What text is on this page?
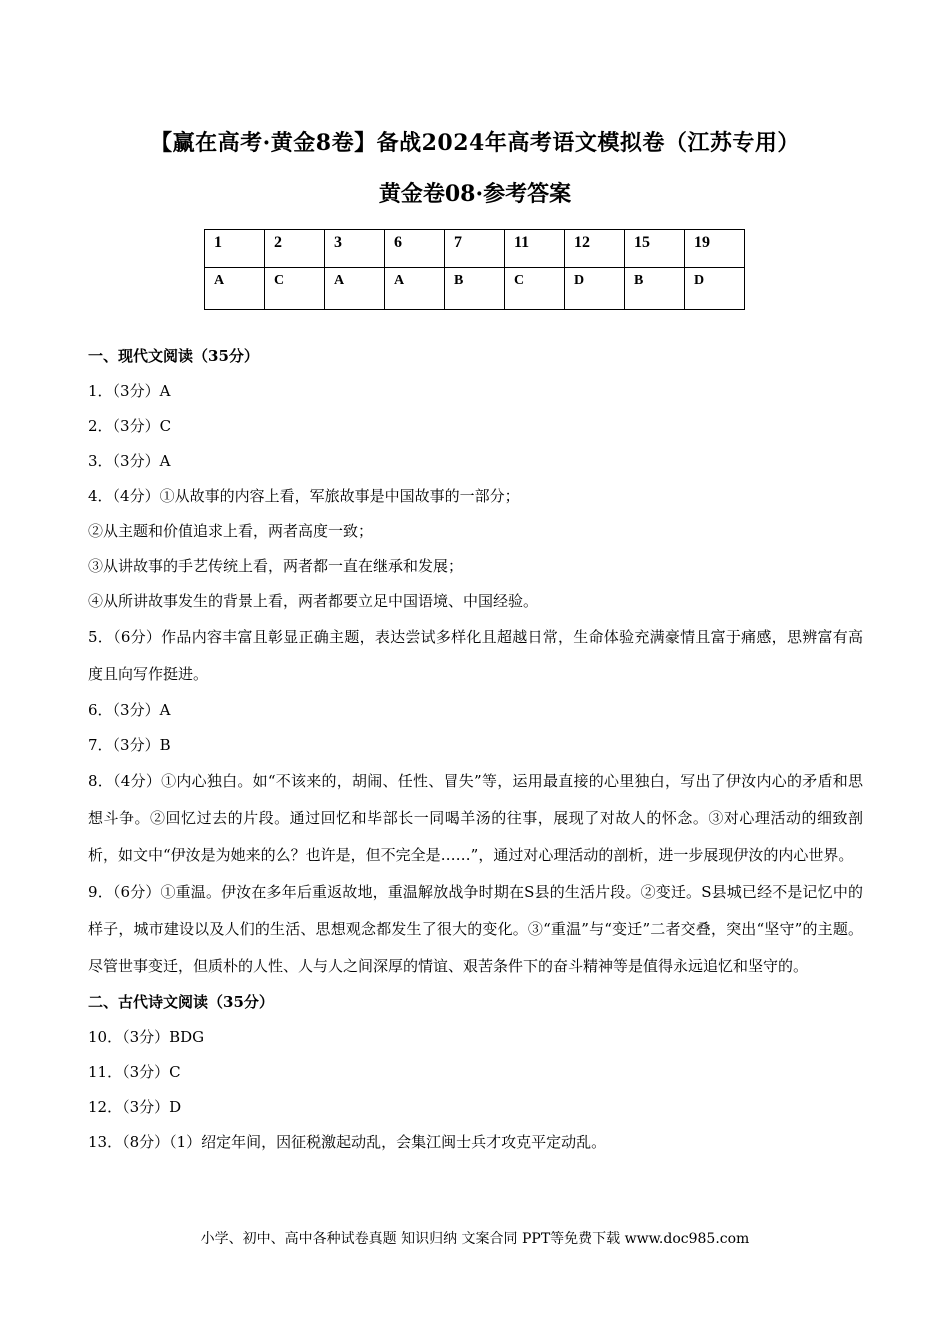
【赢在高考·黄金8卷】备战2024年高考语文模拟卷（江苏专用）
黄金卷08·参考答案
1	2	3	6	7	11	12	15	19
A	C	A	A	B	C	D	B	D
一、现代文阅读（35分）
1．（3分）A
2．（3分）C
3．（3分）A
4．（4分）①从故事的内容上看，军旅故事是中国故事的一部分；
②从主题和价值追求上看，两者高度一致；
③从讲故事的手艺传统上看，两者都一直在继承和发展；
④从所讲故事发生的背景上看，两者都要立足中国语境、中国经验。
5．（6分）作品内容丰富且彰显正确主题，表达尝试多样化且超越日常，生命体验充满豪情且富于痛感，思辨富有高度且向写作挺进。
6．（3分）A
7．（3分）B
8．（4分）①内心独白。如“不该来的，胡闹、任性、冒失”等，运用最直接的心里独白，写出了伊汝内心的矛盾和思想斗争。②回忆过去的片段。通过回忆和毕部长一同喝羊汤的往事，展现了对故人的怀念。③对心理活动的细致剖析，如文中“伊汝是为她来的么？也许是，但不完全是……”，通过对心理活动的剖析，进一步展现伊汝的内心世界。
9．（6分）①重温。伊汝在多年后重返故地，重温解放战争时期在S县的生活片段。②变迁。S县城已经不是记忆中的样子，城市建设以及人们的生活、思想观念都发生了很大的变化。③“重温”与“变迁”二者交叠，突出“坚守”的主题。尽管世事变迁，但质朴的人性、人与人之间深厚的情谊、艰苦条件下的奋斗精神等是值得永远追忆和坚守的。
二、古代诗文阅读（35分）
10．（3分）BDG
11．（3分）C
12．（3分）D
13．（8分）（1）绍定年间，因征税激起动乱，会集江闽士兵才攻克平定动乱。
小学、初中、高中各种试卷真题 知识归纳 文案合同 PPT等免费下载 www.doc985.com
